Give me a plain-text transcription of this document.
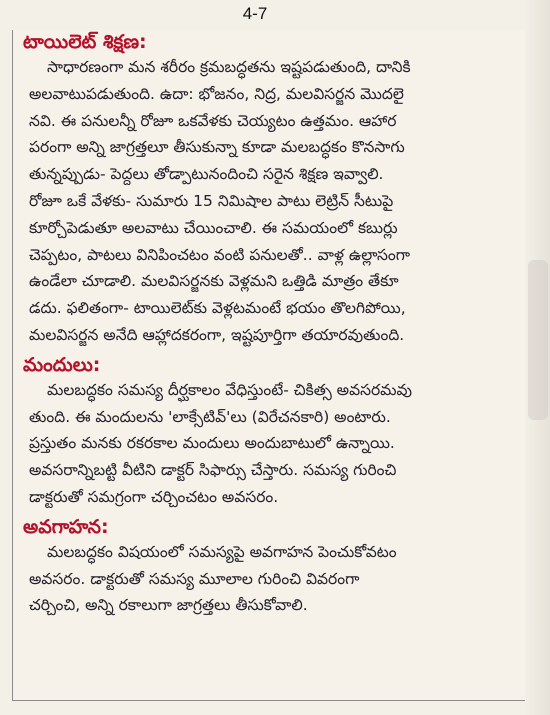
4-7
టాయిలెట్ శిక్షణ:
సాధారణంగా మన శరీరం క్రమబద్ధతను ఇష్టపడుతుంది, దానికి
అలవాటుపడుతుంది. ఉదా: భోజనం, నిద్ర, మలవిసర్జన మొదలై
నవి. ఈ పనులన్నీ రోజూ ఒకవేళకు చెయ్యటం ఉత్తమం. ఆహార
పరంగా అన్ని జాగ్రత్తలూ తీసుకున్నా కూడా మలబద్ధకం కొనసాగు
తున్నప్పుడు- పెద్దలు తోడ్పాటునందించి సరైన శిక్షణ ఇవ్వాలి.
రోజూ ఒకే వేళకు- సుమారు 15 నిమిషాల పాటు లెట్రిన్ సీటుపై
కూర్చోపెడుతూ అలవాటు చేయించాలి. ఈ సమయంలో కబుర్లు
చెప్పటం, పాటలు వినిపించటం వంటి పనులతో.. వాళ్ల ఉల్లాసంగా
ఉండేలా చూడాలి. మలవిసర్జనకు వెళ్లమని ఒత్తిడి మాత్రం తేకూ
డదు. ఫలితంగా- టాయిలెట్‌కు వెళ్లటమంటే భయం తొలగిపోయి,
మలవిసర్జన అనేది ఆహ్లాదకరంగా, ఇష్టపూర్తిగా తయారవుతుంది.
మందులు:
మలబద్ధకం సమస్య దీర్ఘకాలం వేధిస్తుంటే- చికిత్స అవసరమవు
తుంది. ఈ మందులను 'లాక్సేటివ్'లు (విరేచనకారి) అంటారు.
ప్రస్తుతం మనకు రకరకాల మందులు అందుబాటులో ఉన్నాయి.
అవసరాన్నిబట్టి వీటిని డాక్టర్ సిఫార్సు చేస్తారు. సమస్య గురించి
డాక్టరుతో సమగ్రంగా చర్చించటం అవసరం.
అవగాహన:
మలబద్ధకం విషయంలో సమస్యపై అవగాహన పెంచుకోవటం
అవసరం. డాక్టరుతో సమస్య మూలాల గురించి వివరంగా
చర్చించి, అన్ని రకాలుగా జాగ్రత్తలు తీసుకోవాలి.
